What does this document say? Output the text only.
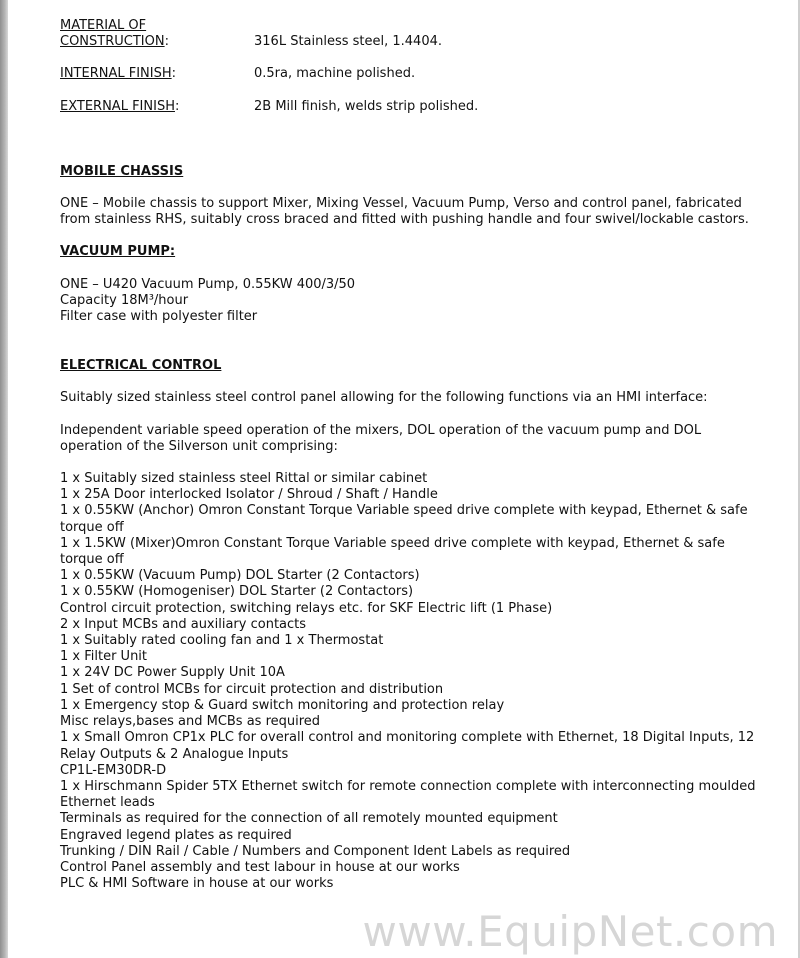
MATERIAL OF
CONSTRUCTION:	316L Stainless steel, 1.4404.
INTERNAL FINISH:	0.5ra, machine polished.
EXTERNAL FINISH:	2B Mill finish, welds strip polished.
MOBILE CHASSIS

ONE – Mobile chassis to support Mixer, Mixing Vessel, Vacuum Pump, Verso and control panel, fabricated from stainless RHS, suitably cross braced and fitted with pushing handle and four swivel/lockable castors.

VACUUM PUMP:
ONE – U420 Vacuum Pump, 0.55KW 400/3/50
Capacity 18M³/hour
Filter case with polyester filter
ELECTRICAL CONTROL

Suitably sized stainless steel control panel allowing for the following functions via an HMI interface:

Independent variable speed operation of the mixers, DOL operation of the vacuum pump and DOL operation of the Silverson unit comprising:

1 x Suitably sized stainless steel Rittal or similar cabinet
1 x 25A Door interlocked Isolator / Shroud / Shaft / Handle
1 x 0.55KW (Anchor) Omron Constant Torque Variable speed drive complete with keypad, Ethernet & safe torque off
1 x 1.5KW (Mixer)Omron Constant Torque Variable speed drive complete with keypad, Ethernet & safe torque off
1 x 0.55KW (Vacuum Pump) DOL Starter (2 Contactors)
1 x 0.55KW (Homogeniser) DOL Starter (2 Contactors)
Control circuit protection, switching relays etc. for SKF Electric lift (1 Phase)
2 x Input MCBs and auxiliary contacts
1 x Suitably rated cooling fan and 1 x Thermostat
1 x Filter Unit
1 x 24V DC Power Supply Unit 10A
1 Set of control MCBs for circuit protection and distribution
1 x Emergency stop & Guard switch monitoring and protection relay
Misc relays,bases and MCBs as required
1 x Small Omron CP1x PLC for overall control and monitoring complete with Ethernet, 18 Digital Inputs, 12 Relay Outputs & 2 Analogue Inputs
CP1L-EM30DR-D
1 x Hirschmann Spider 5TX Ethernet switch for remote connection complete with interconnecting moulded Ethernet leads
Terminals as required for the connection of all remotely mounted equipment
Engraved legend plates as required
Trunking / DIN Rail / Cable / Numbers and Component Ident Labels as required
Control Panel assembly and test labour in house at our works
PLC & HMI Software in house at our works
www.EquipNet.com
